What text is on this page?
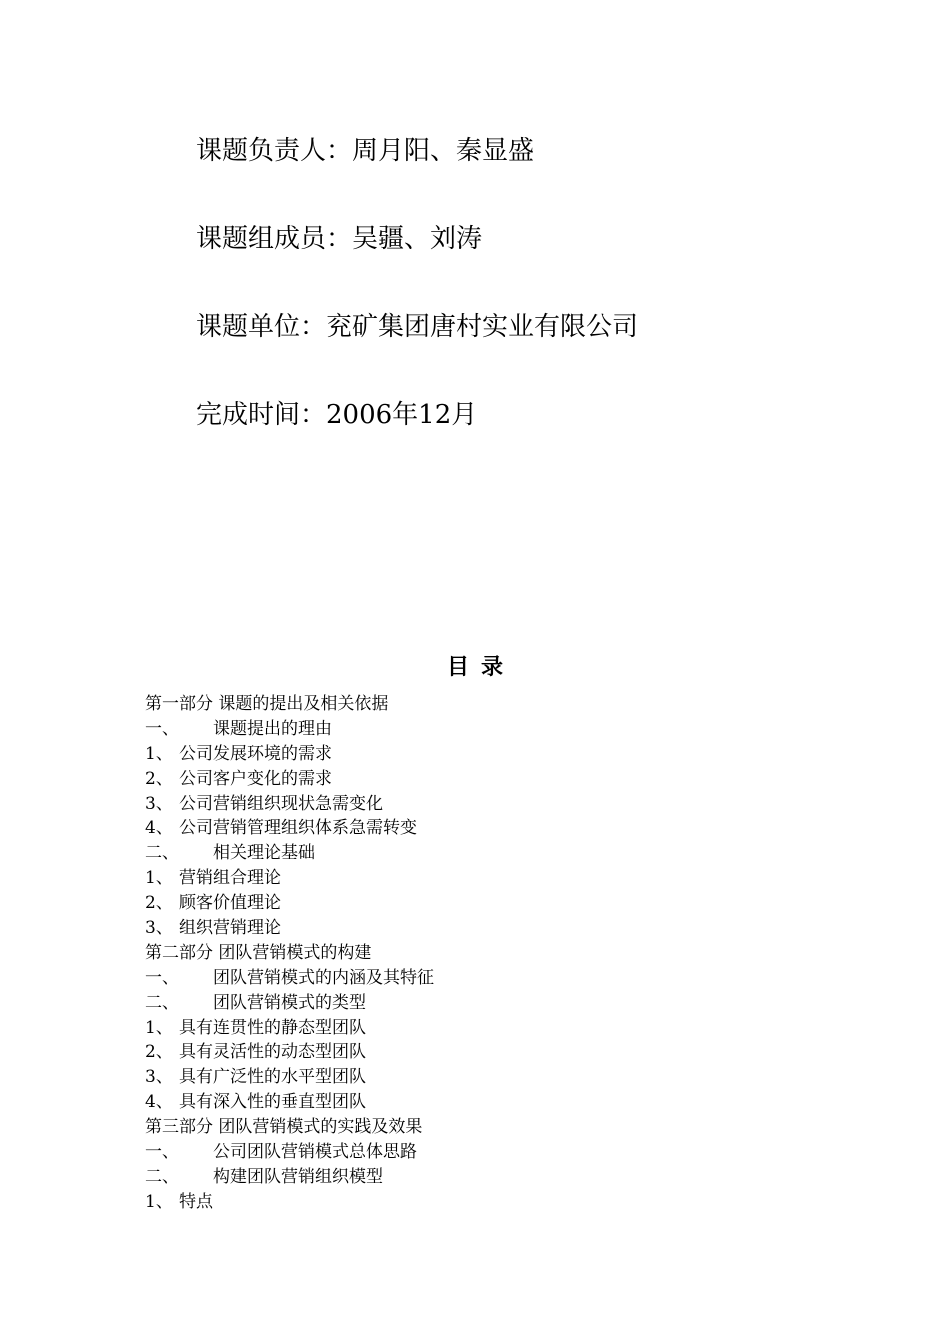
课题负责人：周月阳、秦显盛
课题组成员：吴疆、刘涛
课题单位：兖矿集团唐村实业有限公司
完成时间：2006年12月
目录
第一部分 课题的提出及相关依据
一、 课题提出的理由
1、 公司发展环境的需求
2、 公司客户变化的需求
3、 公司营销组织现状急需变化
4、 公司营销管理组织体系急需转变
二、 相关理论基础
1、 营销组合理论
2、 顾客价值理论
3、 组织营销理论
第二部分 团队营销模式的构建
一、 团队营销模式的内涵及其特征
二、 团队营销模式的类型
1、 具有连贯性的静态型团队
2、 具有灵活性的动态型团队
3、 具有广泛性的水平型团队
4、 具有深入性的垂直型团队
第三部分 团队营销模式的实践及效果
一、 公司团队营销模式总体思路
二、 构建团队营销组织模型
1、 特点
